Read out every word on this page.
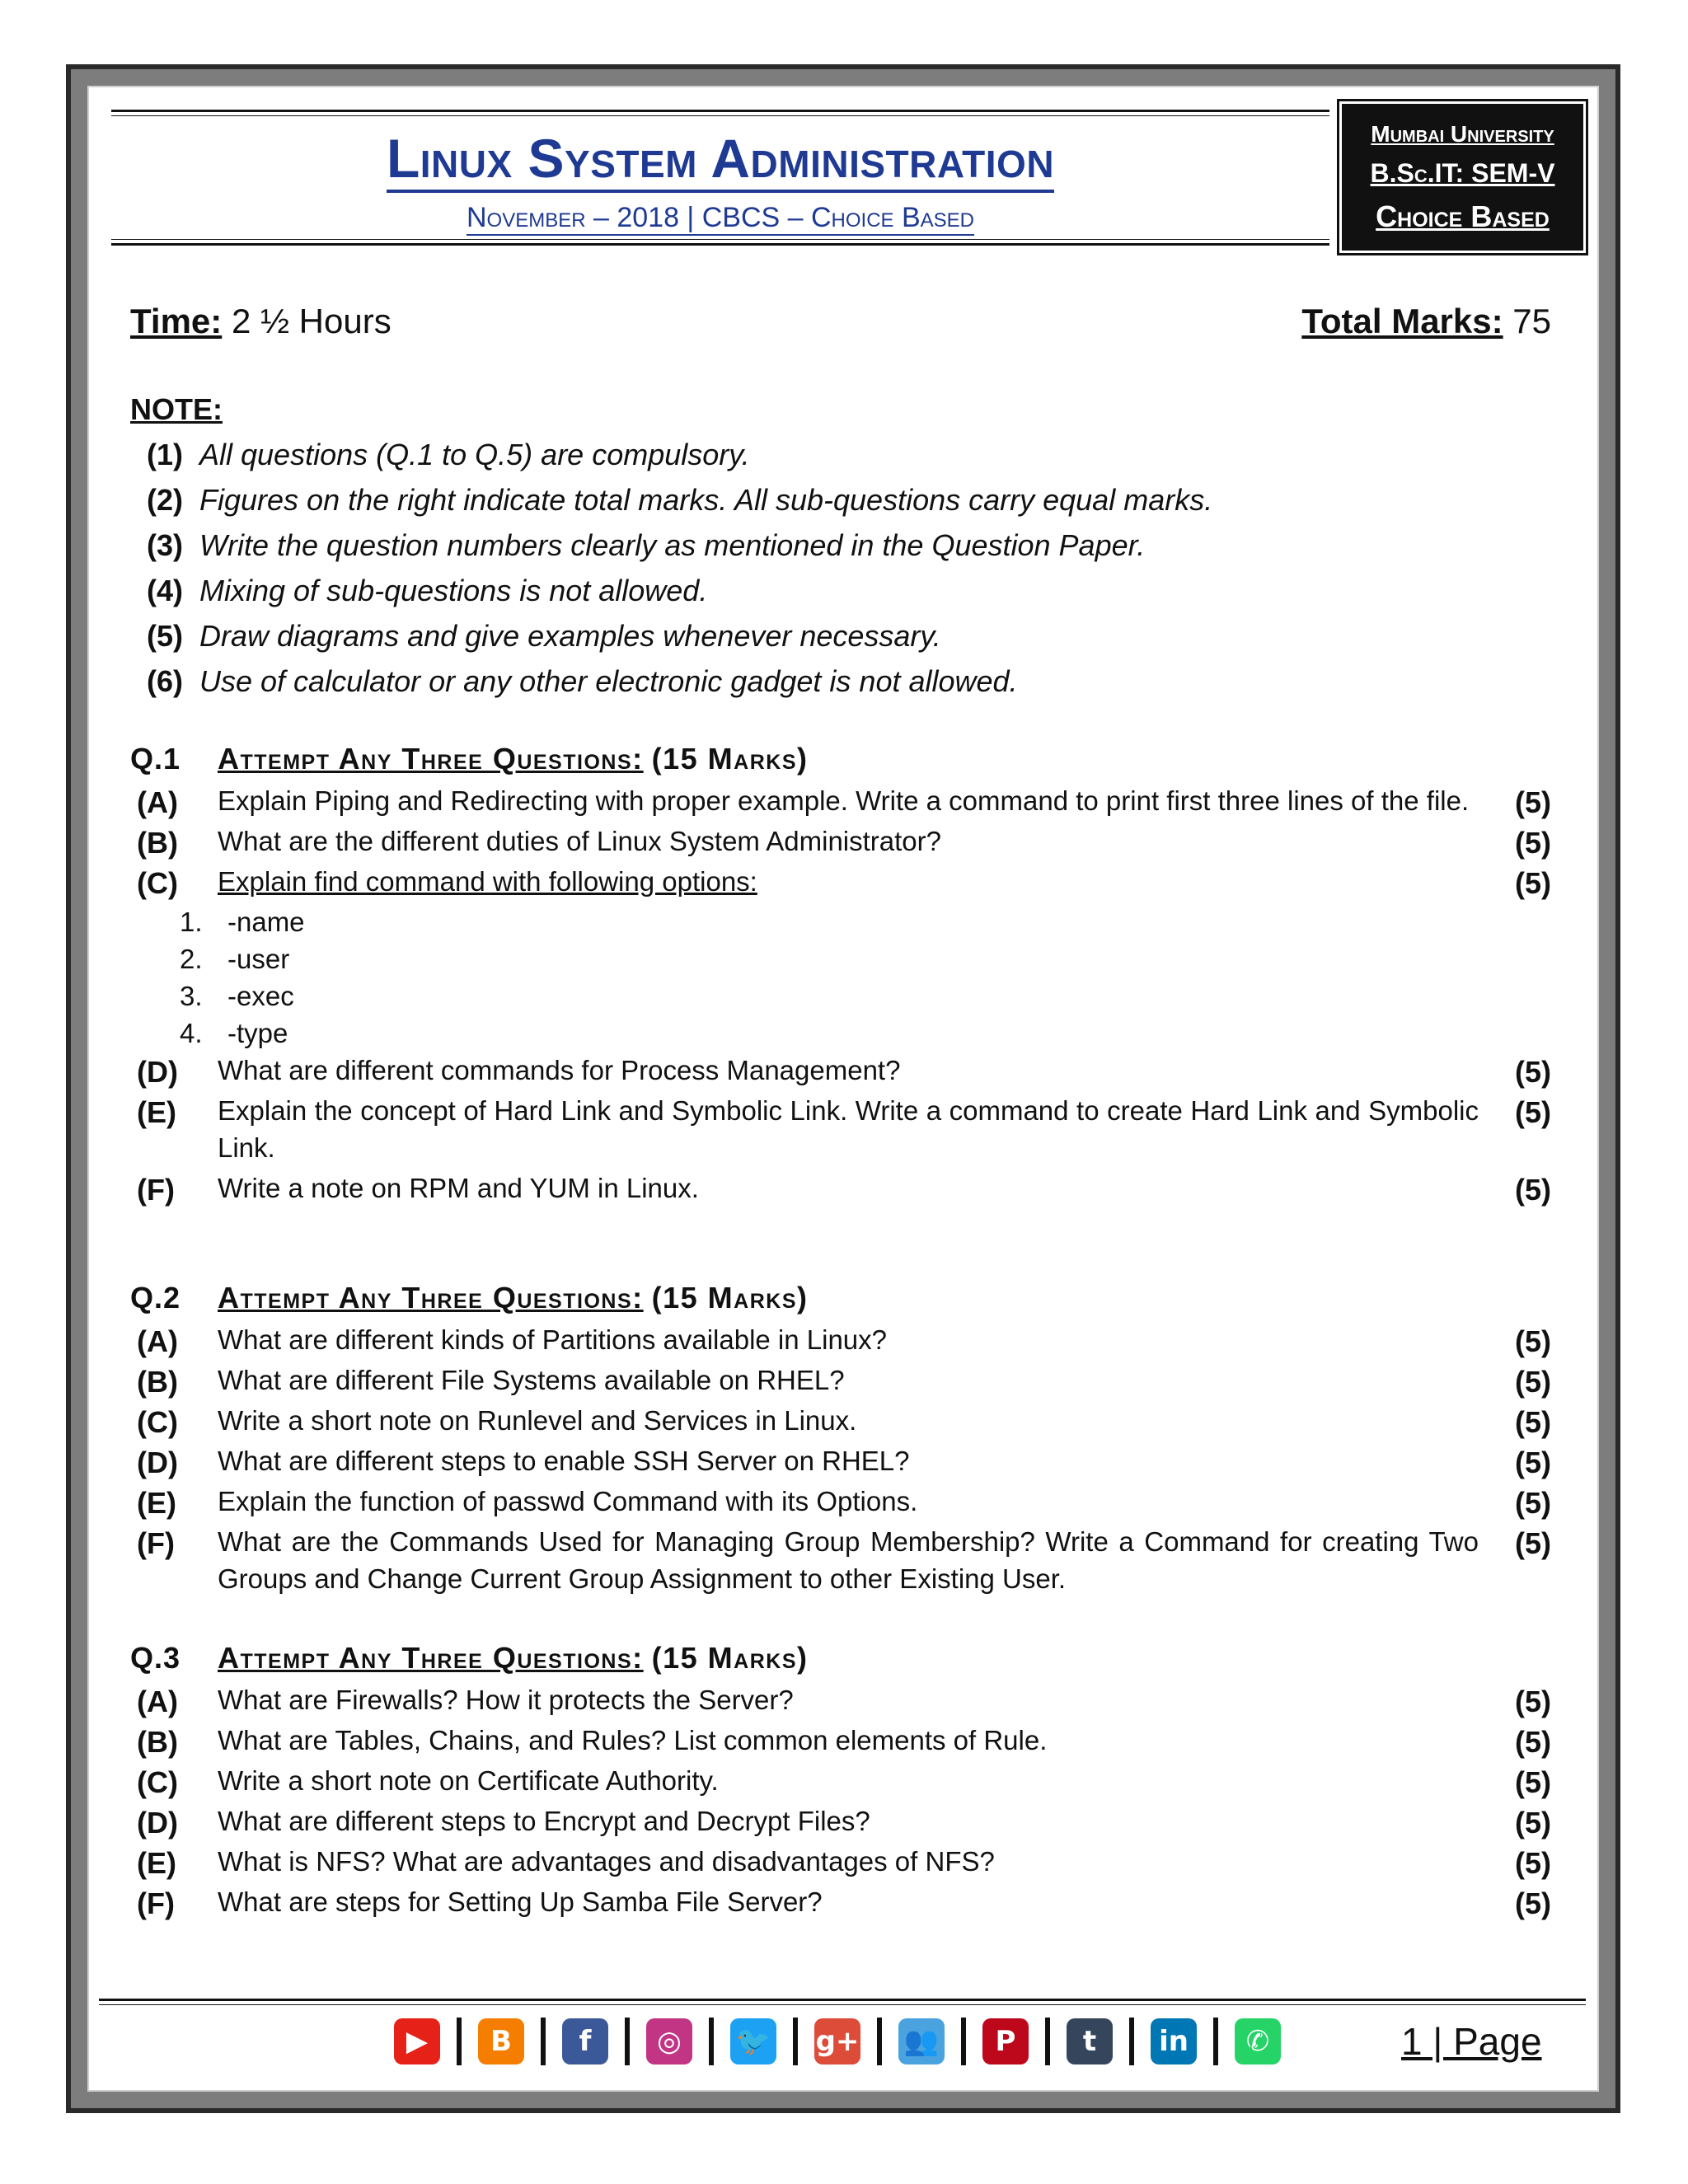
Linux System Administration
November – 2018 | CBCS – Choice Based
Mumbai University
B.Sc.IT: SEM-V
Choice Based
Time: 2 ½ Hours	Total Marks: 75
NOTE:
(1) All questions (Q.1 to Q.5) are compulsory.
(2) Figures on the right indicate total marks. All sub-questions carry equal marks.
(3) Write the question numbers clearly as mentioned in the Question Paper.
(4) Mixing of sub-questions is not allowed.
(5) Draw diagrams and give examples whenever necessary.
(6) Use of calculator or any other electronic gadget is not allowed.
Q.1 Attempt Any Three Questions: (15 Marks)
(A) Explain Piping and Redirecting with proper example. Write a command to print first three lines of the file.	(5)
(B) What are the different duties of Linux System Administrator?	(5)
(C) Explain find command with following options:	(5)
1. -name
2. -user
3. -exec
4. -type
(D) What are different commands for Process Management?	(5)
(E) Explain the concept of Hard Link and Symbolic Link. Write a command to create Hard Link and Symbolic Link.
(5)
(F) Write a note on RPM and YUM in Linux.	(5)
Q.2 Attempt Any Three Questions: (15 Marks)
(A) What are different kinds of Partitions available in Linux?	(5)
(B) What are different File Systems available on RHEL?	(5)
(C) Write a short note on Runlevel and Services in Linux.	(5)
(D) What are different steps to enable SSH Server on RHEL?	(5)
(E) Explain the function of passwd Command with its Options.	(5)
(F) What are the Commands Used for Managing Group Membership? Write a Command for creating Two Groups and Change Current Group Assignment to other Existing User.
(5)
Q.3 Attempt Any Three Questions: (15 Marks)
(A) What are Firewalls? How it protects the Server?	(5)
(B) What are Tables, Chains, and Rules? List common elements of Rule.	(5)
(C) Write a short note on Certificate Authority.	(5)
(D) What are different steps to Encrypt and Decrypt Files?	(5)
(E) What is NFS? What are advantages and disadvantages of NFS?	(5)
(F) What are steps for Setting Up Samba File Server?	(5)
▶	B	f	◎	🐦 g+ 👥	P	t	in	✆	1 | Page
